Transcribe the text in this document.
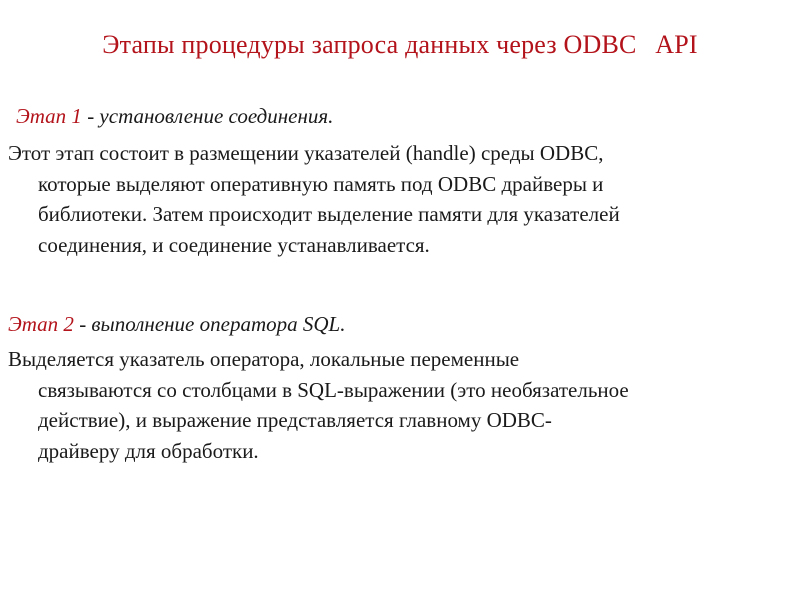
Этапы процедуры запроса данных через ODBC   API
Этап 1 - установление соединения.
Этот этап состоит в размещении указателей (handle) среды ODBC,
которые выделяют оперативную память под ODBC драйверы и
библиотеки. Затем происходит выделение памяти для указателей
соединения, и соединение устанавливается.
Этап 2 - выполнение оператора SQL.
Выделяется указатель оператора, локальные переменные
связываются со столбцами в SQL-выражении (это необязательное
действие), и выражение представляется главному ODBC-
драйверу для обработки.
